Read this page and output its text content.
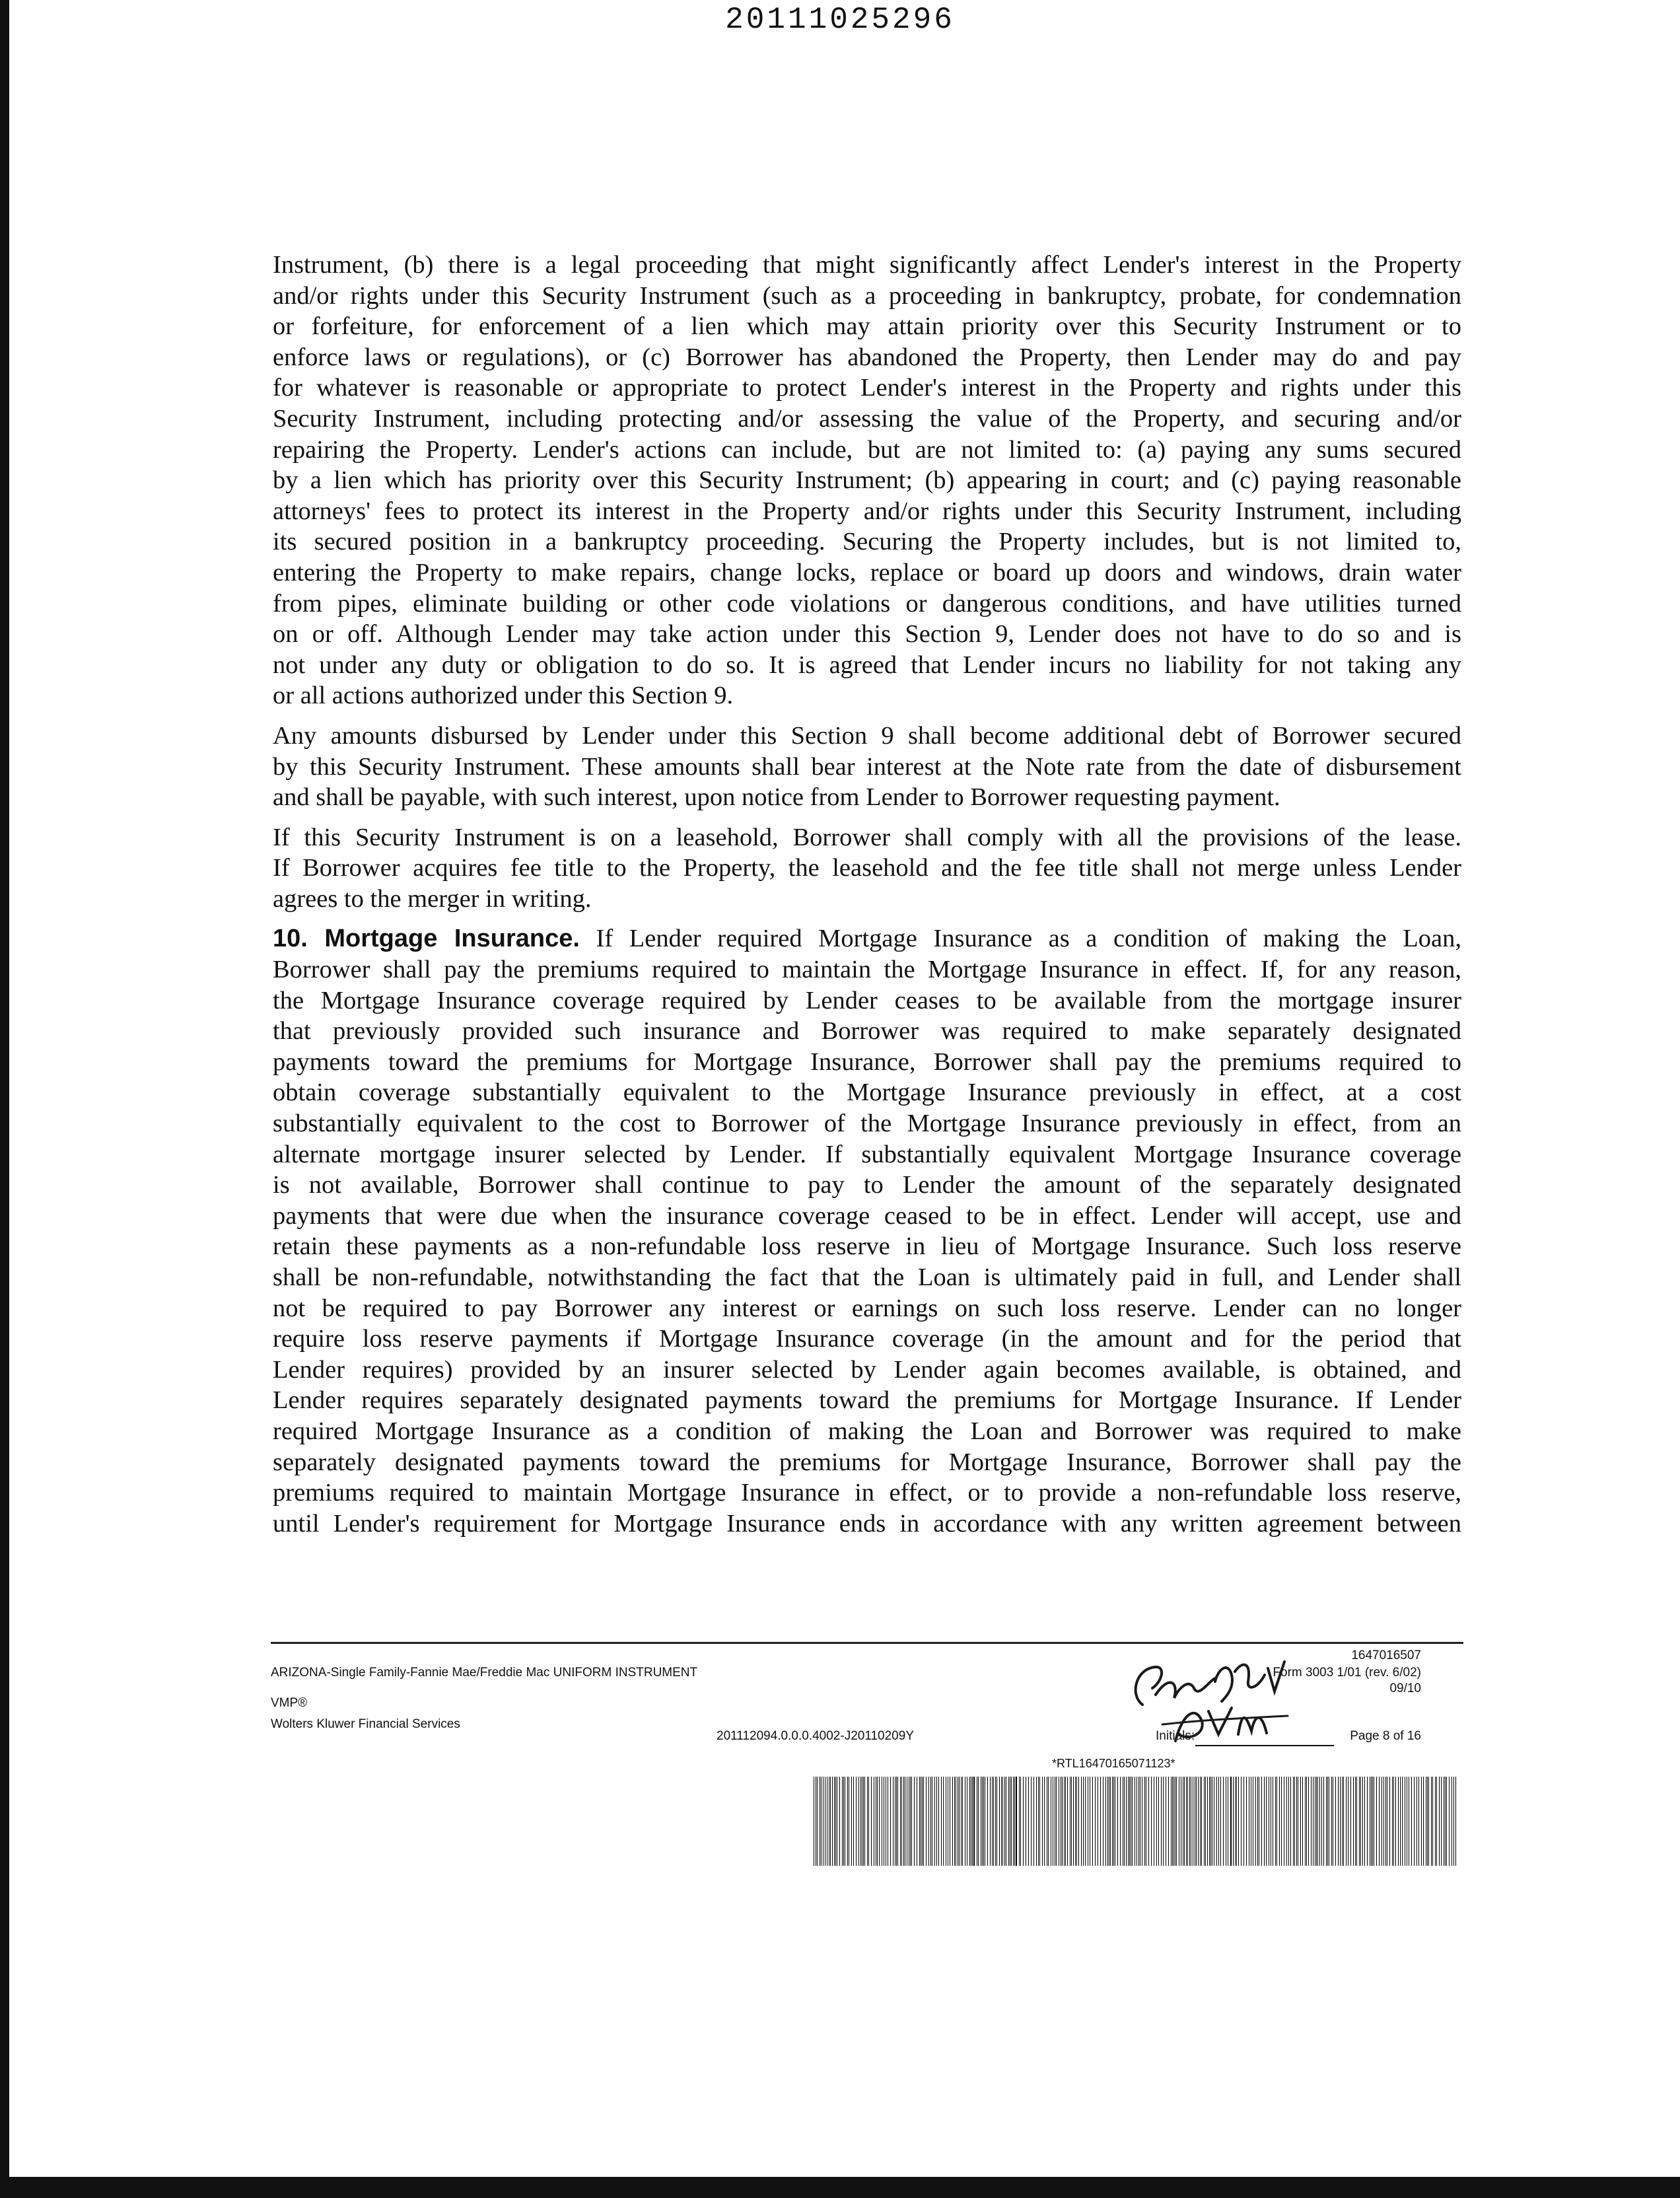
20111025296
Instrument, (b) there is a legal proceeding that might significantly affect Lender's interest in the Property
and/or rights under this Security Instrument (such as a proceeding in bankruptcy, probate, for condemnation
or forfeiture, for enforcement of a lien which may attain priority over this Security Instrument or to
enforce laws or regulations), or (c) Borrower has abandoned the Property, then Lender may do and pay
for whatever is reasonable or appropriate to protect Lender's interest in the Property and rights under this
Security Instrument, including protecting and/or assessing the value of the Property, and securing and/or
repairing the Property. Lender's actions can include, but are not limited to: (a) paying any sums secured
by a lien which has priority over this Security Instrument; (b) appearing in court; and (c) paying reasonable
attorneys' fees to protect its interest in the Property and/or rights under this Security Instrument, including
its secured position in a bankruptcy proceeding. Securing the Property includes, but is not limited to,
entering the Property to make repairs, change locks, replace or board up doors and windows, drain water
from pipes, eliminate building or other code violations or dangerous conditions, and have utilities turned
on or off. Although Lender may take action under this Section 9, Lender does not have to do so and is
not under any duty or obligation to do so. It is agreed that Lender incurs no liability for not taking any
or all actions authorized under this Section 9.
Any amounts disbursed by Lender under this Section 9 shall become additional debt of Borrower secured
by this Security Instrument. These amounts shall bear interest at the Note rate from the date of disbursement
and shall be payable, with such interest, upon notice from Lender to Borrower requesting payment.
If this Security Instrument is on a leasehold, Borrower shall comply with all the provisions of the lease.
If Borrower acquires fee title to the Property, the leasehold and the fee title shall not merge unless Lender
agrees to the merger in writing.
10. Mortgage Insurance. If Lender required Mortgage Insurance as a condition of making the Loan,
Borrower shall pay the premiums required to maintain the Mortgage Insurance in effect. If, for any reason,
the Mortgage Insurance coverage required by Lender ceases to be available from the mortgage insurer
that previously provided such insurance and Borrower was required to make separately designated
payments toward the premiums for Mortgage Insurance, Borrower shall pay the premiums required to
obtain coverage substantially equivalent to the Mortgage Insurance previously in effect, at a cost
substantially equivalent to the cost to Borrower of the Mortgage Insurance previously in effect, from an
alternate mortgage insurer selected by Lender. If substantially equivalent Mortgage Insurance coverage
is not available, Borrower shall continue to pay to Lender the amount of the separately designated
payments that were due when the insurance coverage ceased to be in effect. Lender will accept, use and
retain these payments as a non-refundable loss reserve in lieu of Mortgage Insurance. Such loss reserve
shall be non-refundable, notwithstanding the fact that the Loan is ultimately paid in full, and Lender shall
not be required to pay Borrower any interest or earnings on such loss reserve. Lender can no longer
require loss reserve payments if Mortgage Insurance coverage (in the amount and for the period that
Lender requires) provided by an insurer selected by Lender again becomes available, is obtained, and
Lender requires separately designated payments toward the premiums for Mortgage Insurance. If Lender
required Mortgage Insurance as a condition of making the Loan and Borrower was required to make
separately designated payments toward the premiums for Mortgage Insurance, Borrower shall pay the
premiums required to maintain Mortgage Insurance in effect, or to provide a non-refundable loss reserve,
until Lender's requirement for Mortgage Insurance ends in accordance with any written agreement between
1647016507
ARIZONA-Single Family-Fannie Mae/Freddie Mac UNIFORM INSTRUMENT	Form 3003 1/01 (rev. 6/02)
09/10
VMP®
Wolters Kluwer Financial Services
201112094.0.0.0.4002-J20110209Y	Initials:	Page 8 of 16
*RTL16470165071123*
